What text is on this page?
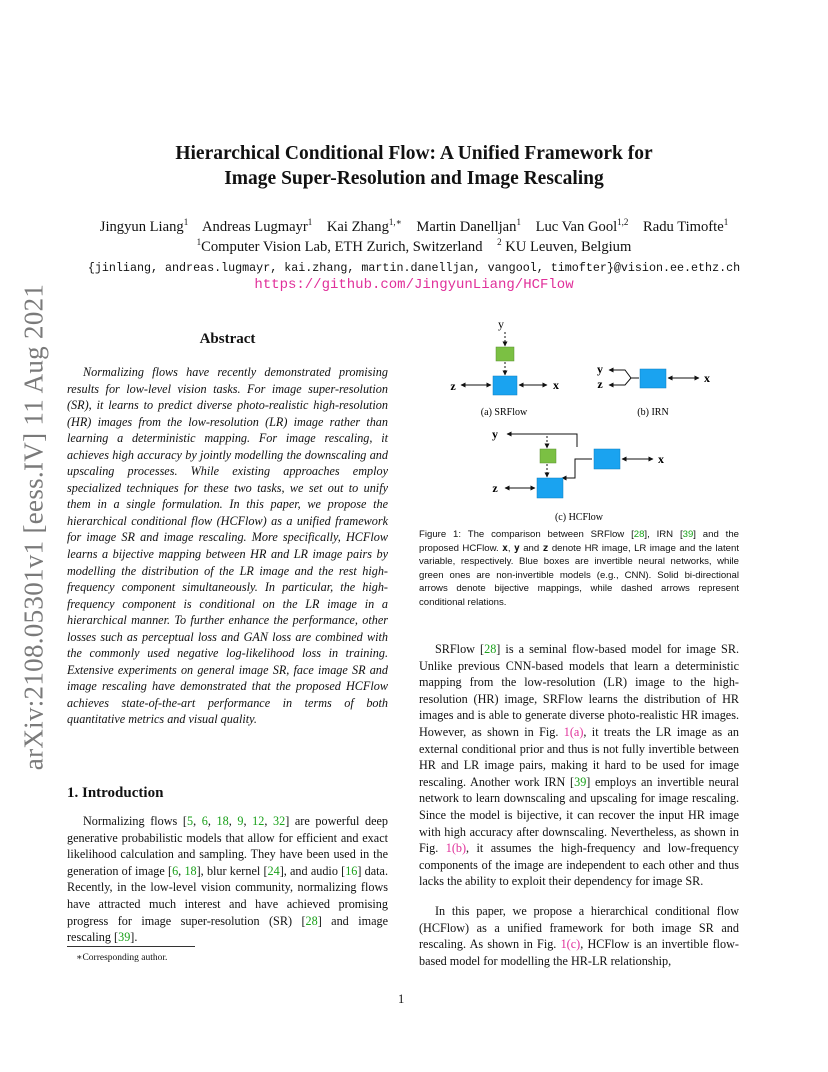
arXiv:2108.05301v1 [eess.IV] 11 Aug 2021
Hierarchical Conditional Flow: A Unified Framework for
Image Super-Resolution and Image Rescaling
Jingyun Liang$^1$ Andreas Lugmayr$^1$ Kai Zhang$^{1,∗}$ Martin Danelljan$^1$ Luc Van Gool$^{1,2}$ Radu Timofte$^1$
$^1$Computer Vision Lab, ETH Zurich, Switzerland $^2$ KU Leuven, Belgium
{jinliang, andreas.lugmayr, kai.zhang, martin.danelljan, vangool, timofter}@vision.ee.ethz.ch
https://github.com/JingyunLiang/HCFlow
Abstract
Normalizing flows have recently demonstrated promising results for low-level vision tasks. For image super-resolution (SR), it learns to predict diverse photo-realistic high-resolution (HR) images from the low-resolution (LR) image rather than learning a deterministic mapping. For image rescaling, it achieves high accuracy by jointly modelling the downscaling and upscaling processes. While existing approaches employ specialized techniques for these two tasks, we set out to unify them in a single formulation. In this paper, we propose the hierarchical conditional flow (HCFlow) as a unified framework for image SR and image rescaling. More specifically, HCFlow learns a bijective mapping between HR and LR image pairs by modelling the distribution of the LR image and the rest high-frequency component simultaneously. In particular, the high-frequency component is conditional on the LR image in a hierarchical manner. To further enhance the performance, other losses such as perceptual loss and GAN loss are combined with the commonly used negative log-likelihood loss in training. Extensive experiments on general image SR, face image SR and image rescaling have demonstrated that the proposed HCFlow achieves state-of-the-art performance in terms of both quantitative metrics and visual quality.
1. Introduction
Normalizing flows [5, 6, 18, 9, 12, 32] are powerful deep generative probabilistic models that allow for efficient and exact likelihood calculation and sampling. They have been used in the generation of image [6, 18], blur kernel [24], and audio [16] data. Recently, in the low-level vision community, normalizing flows have attracted much interest and have achieved promising progress for image super-resolution (SR) [28] and image rescaling [39].
∗Corresponding author.
y
z	x
(a) SRFlow
y
z	x
(b) IRN
y
x
z
(c) HCFlow
Figure 1: The comparison between SRFlow [28], IRN [39] and the proposed HCFlow. x, y and z denote HR image, LR image and the latent variable, respectively. Blue boxes are invertible neural networks, while green ones are non-invertible models (e.g., CNN). Solid bi-directional arrows denote bijective mappings, while dashed arrows represent conditional relations.
SRFlow [28] is a seminal flow-based model for image SR. Unlike previous CNN-based models that learn a deterministic mapping from the low-resolution (LR) image to the high-resolution (HR) image, SRFlow learns the distribution of HR images and is able to generate diverse photo-realistic HR images. However, as shown in Fig. 1(a), it treats the LR image as an external conditional prior and thus is not fully invertible between HR and LR image pairs, making it hard to be used for image rescaling. Another work IRN [39] employs an invertible neural network to learn downscaling and upscaling for image rescaling. Since the model is bijective, it can recover the input HR image with high accuracy after downscaling. Nevertheless, as shown in Fig. 1(b), it assumes the high-frequency and low-frequency components of the image are independent to each other and thus lacks the ability to exploit their dependency for image SR.
In this paper, we propose a hierarchical conditional flow (HCFlow) as a unified framework for both image SR and rescaling. As shown in Fig. 1(c), HCFlow is an invertible flow-based model for modelling the HR-LR relationship,
1
